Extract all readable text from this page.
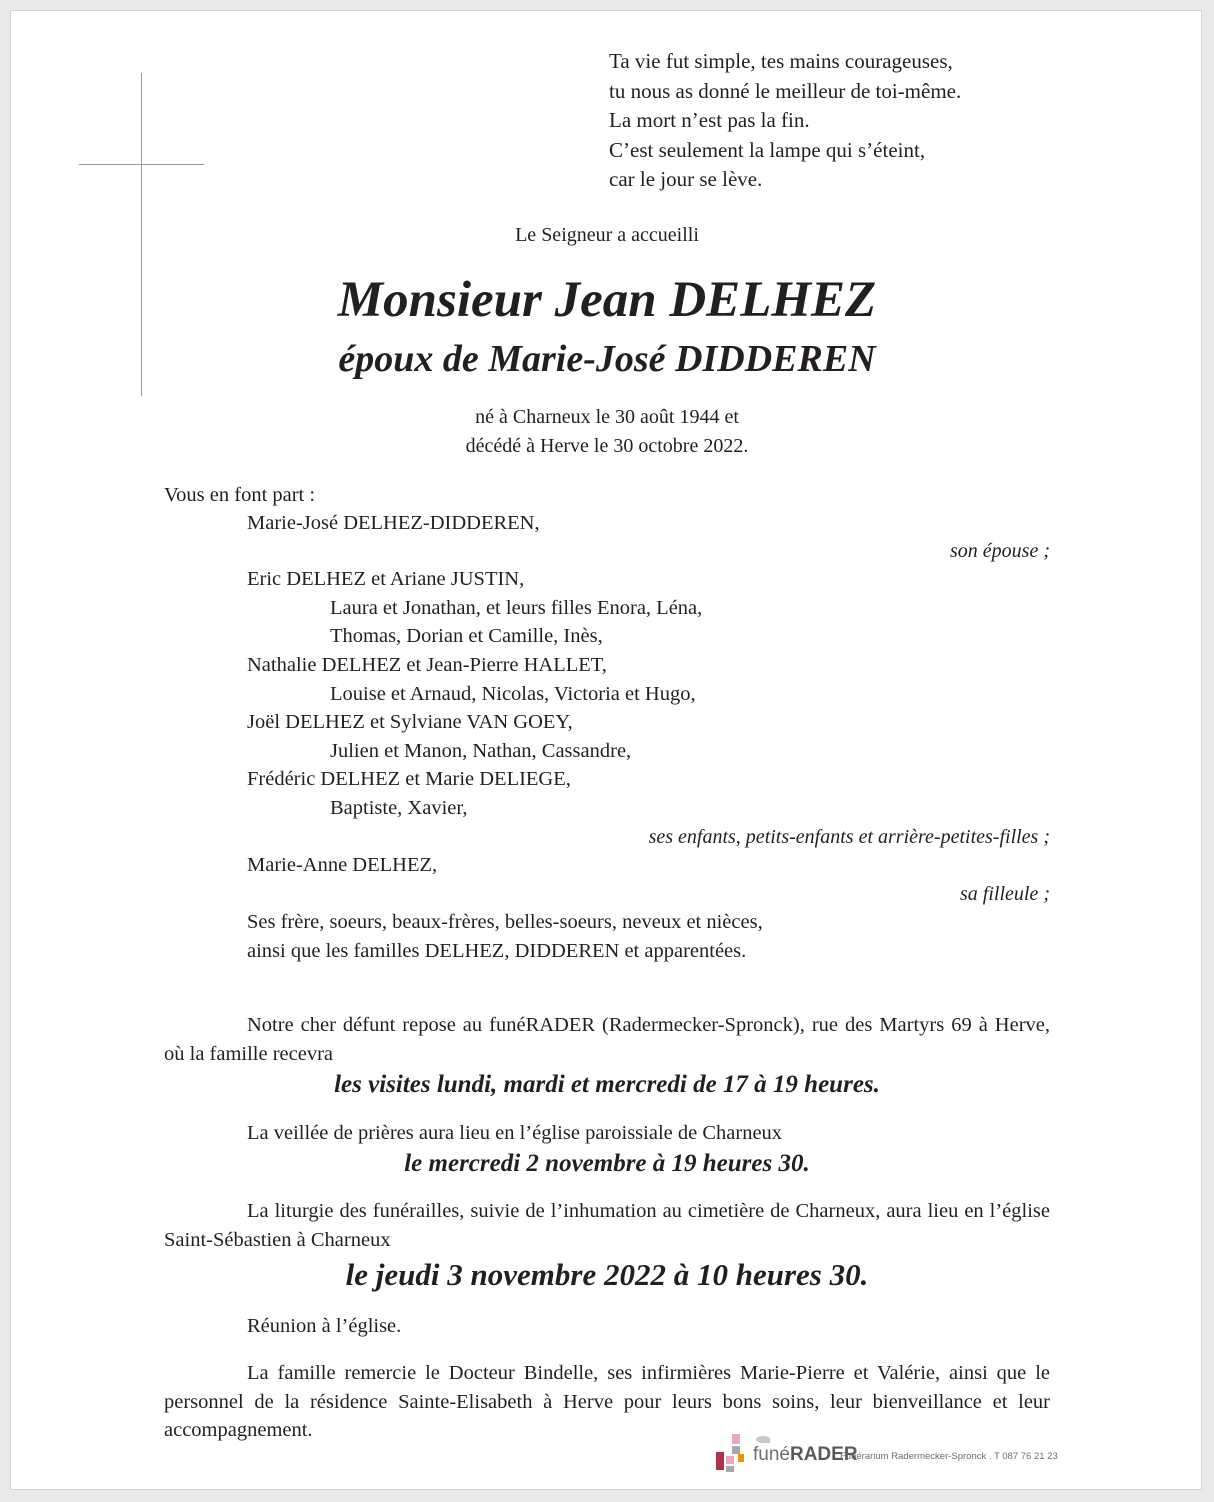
Ta vie fut simple, tes mains courageuses,
tu nous as donné le meilleur de toi-même.
La mort n’est pas la fin.
C’est seulement la lampe qui s’éteint,
car le jour se lève.
Le Seigneur a accueilli
Monsieur Jean DELHEZ
époux de Marie-José DIDDEREN
né à Charneux le 30 août 1944 et
décédé à Herve le 30 octobre 2022.
Vous en font part :
Marie-José DELHEZ-DIDDEREN,
son épouse ;
Eric DELHEZ et Ariane JUSTIN,
Laura et Jonathan, et leurs filles Enora, Léna,
Thomas, Dorian et Camille, Inès,
Nathalie DELHEZ et Jean-Pierre HALLET,
Louise et Arnaud, Nicolas, Victoria et Hugo,
Joël DELHEZ et Sylviane VAN GOEY,
Julien et Manon, Nathan, Cassandre,
Frédéric DELHEZ et Marie DELIEGE,
Baptiste, Xavier,
ses enfants, petits-enfants et arrière-petites-filles ;
Marie-Anne DELHEZ,
sa filleule ;
Ses frère, soeurs, beaux-frères, belles-soeurs, neveux et nièces,
ainsi que les familles DELHEZ, DIDDEREN et apparentées.
Notre cher défunt repose au funéRADER (Radermecker-Spronck), rue des Martyrs 69 à Herve, où la famille recevra
les visites lundi, mardi et mercredi de 17 à 19 heures.
La veillée de prières aura lieu en l’église paroissiale de Charneux
le mercredi 2 novembre à 19 heures 30.
La liturgie des funérailles, suivie de l’inhumation au cimetière de Charneux, aura lieu en l’église Saint-Sébastien à Charneux
le jeudi 3 novembre 2022 à 10 heures 30.
Réunion à l’église.
La famille remercie le Docteur Bindelle, ses infirmières Marie-Pierre et Valérie, ainsi que le personnel de la résidence Sainte-Elisabeth à Herve pour leurs bons soins, leur bienveillance et leur accompagnement.
funéRADER
Funérarium Radermecker-Spronck . T 087 76 21 23
